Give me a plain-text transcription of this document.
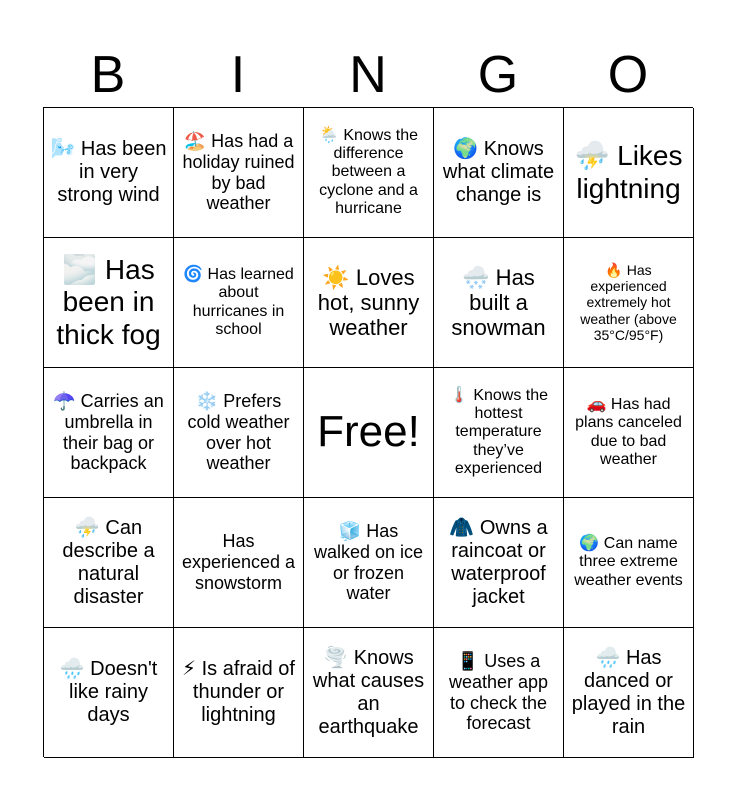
B	I	N	G	O
🌬️ Has been in very strong wind
🏖️ Has had a holiday ruined by bad weather
🌦️ Knows the difference between a cyclone and a hurricane
🌍 Knows what climate change is
⛈️ Likes lightning
🌫️ Has been in thick fog
🌀 Has learned about hurricanes in school
☀️ Loves hot, sunny weather
🌨️ Has built a snowman
🔥 Has experienced extremely hot weather (above 35°C/95°F)
☂️ Carries an umbrella in their bag or backpack
❄️ Prefers cold weather over hot weather
Free!
🌡️ Knows the hottest temperature they’ve experienced
🚗 Has had plans canceled due to bad weather
⛈️ Can describe a natural disaster
Has experienced a snowstorm
🧊 Has walked on ice or frozen water
🧥 Owns a raincoat or waterproof jacket
🌍 Can name three extreme weather events
🌧️ Doesn't like rainy days
⚡ Is afraid of thunder or lightning
🌪️ Knows what causes an earthquake
📱 Uses a weather app to check the forecast
🌧️ Has danced or played in the rain
